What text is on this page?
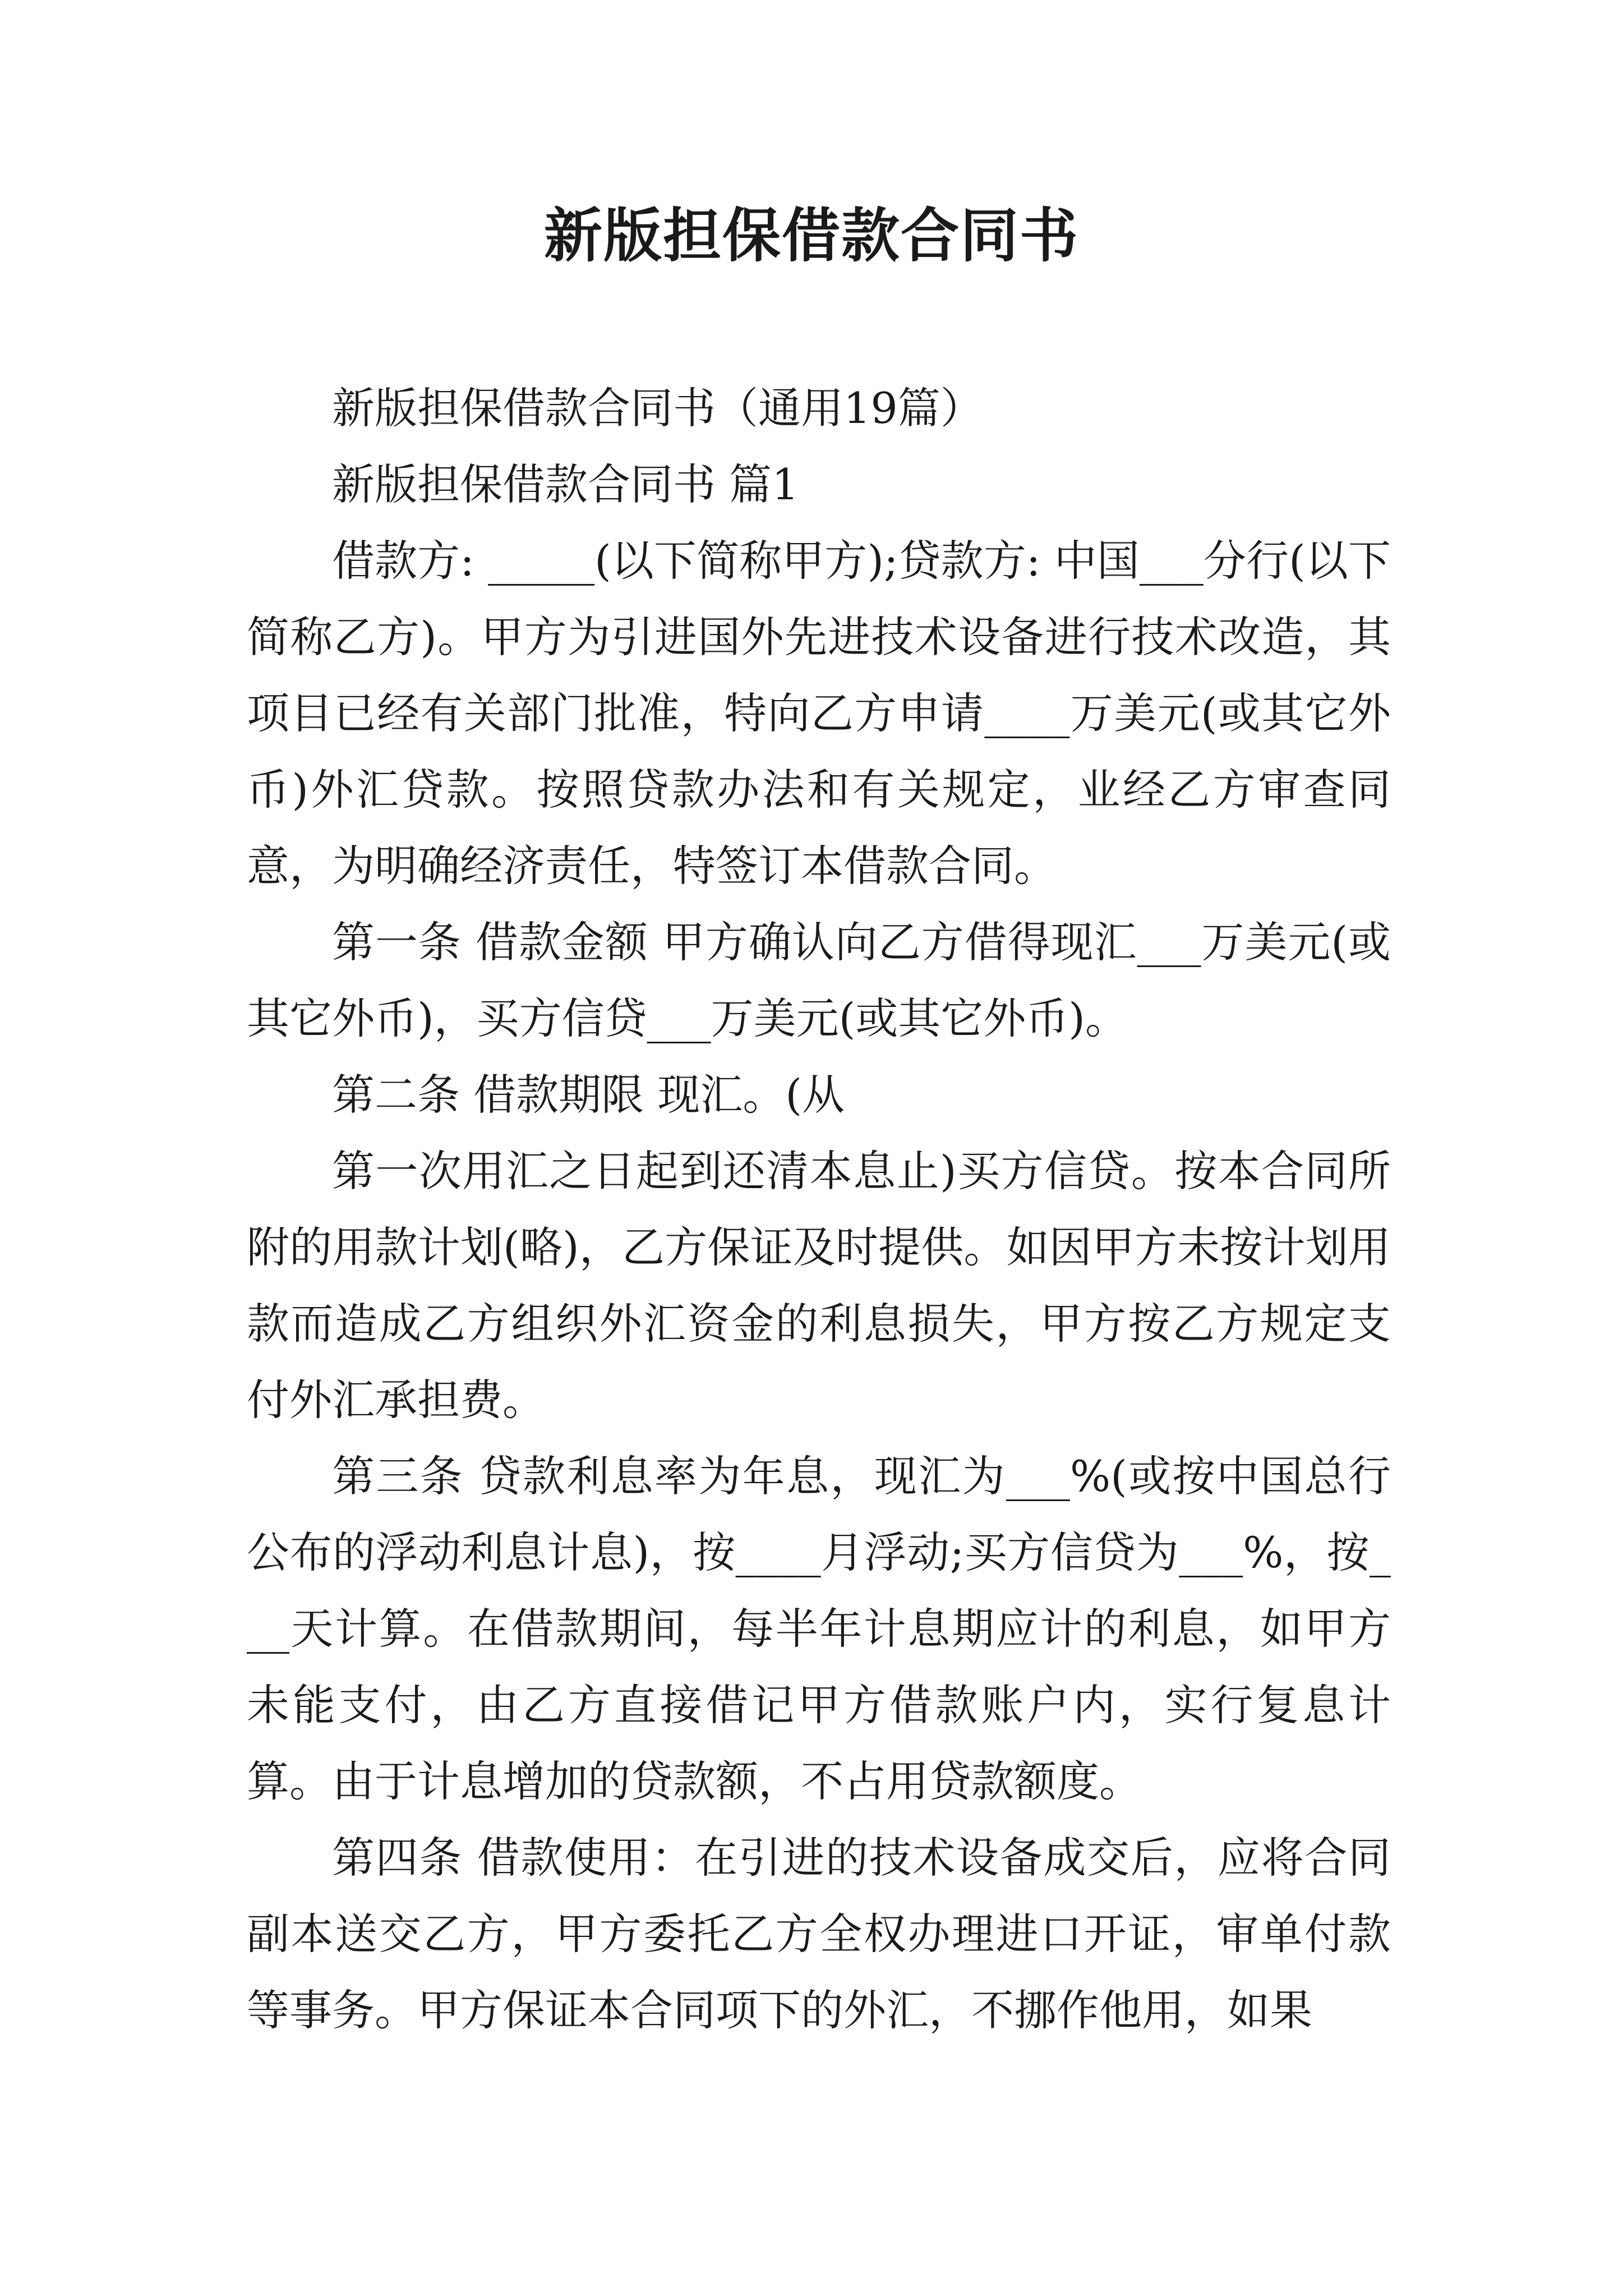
新版担保借款合同书

新版担保借款合同书（通用19篇）

新版担保借款合同书 篇1

借款方: _____(以下简称甲方);贷款方: 中国___分行(以下简称乙方)。甲方为引进国外先进技术设备进行技术改造，其项目已经有关部门批准，特向乙方申请____万美元(或其它外币)外汇贷款。按照贷款办法和有关规定，业经乙方审查同意，为明确经济责任，特签订本借款合同。

第一条 借款金额 甲方确认向乙方借得现汇___万美元(或其它外币)，买方信贷___万美元(或其它外币)。

第二条 借款期限 现汇。(从

第一次用汇之日起到还清本息止)买方信贷。按本合同所附的用款计划(略)，乙方保证及时提供。如因甲方未按计划用款而造成乙方组织外汇资金的利息损失，甲方按乙方规定支付外汇承担费。

第三条 贷款利息率为年息，现汇为___%(或按中国总行公布的浮动利息计息)，按____月浮动;买方信贷为___%，按___天计算。在借款期间，每半年计息期应计的利息，如甲方未能支付，由乙方直接借记甲方借款账户内，实行复息计算。由于计息增加的贷款额，不占用贷款额度。

第四条 借款使用：在引进的技术设备成交后，应将合同副本送交乙方，甲方委托乙方全权办理进口开证，审单付款等事务。甲方保证本合同项下的外汇，不挪作他用，如果
